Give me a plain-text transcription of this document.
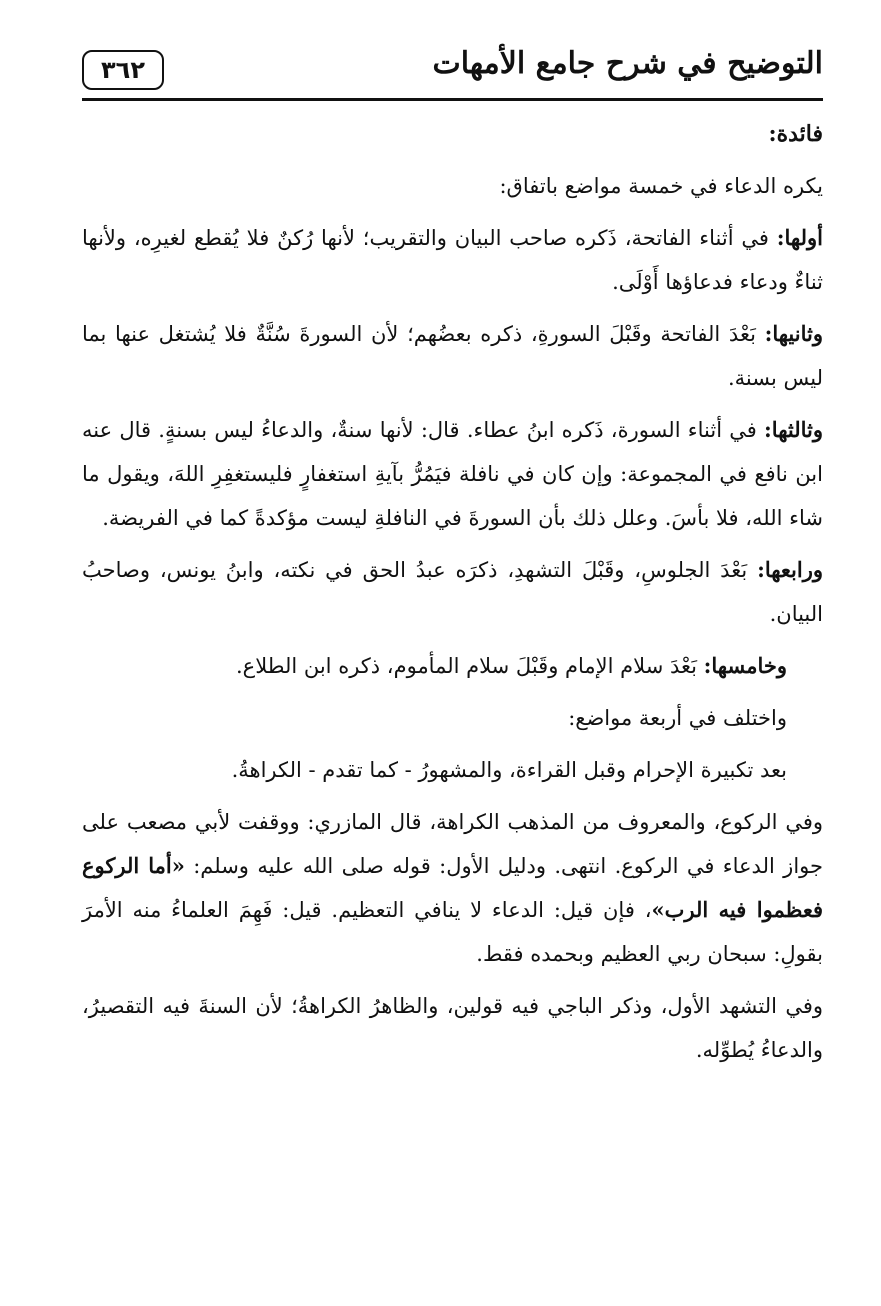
٣٦٢	التوضيح في شرح جامع الأمهات

فائدة:

يكره الدعاء في خمسة مواضع باتفاق:

أولها: في أثناء الفاتحة، ذَكره صاحب البيان والتقريب؛ لأنها رُكنٌ فلا يُقطع لغيرِه، ولأنها ثناءٌ ودعاء فدعاؤها أَوْلَى.

وثانيها: بَعْدَ الفاتحة وقَبْلَ السورةِ، ذكره بعضُهم؛ لأن السورةَ سُنَّةٌ فلا يُشتغل عنها بما ليس بسنة.

وثالثها: في أثناء السورة، ذَكره ابنُ عطاء. قال: لأنها سنةٌ، والدعاءُ ليس بسنةٍ. قال عنه ابن نافع في المجموعة: وإن كان في نافلة فيَمُرُّ بآيةِ استغفارٍ فليستغفِرِ اللهَ، ويقول ما شاء الله، فلا بأسَ. وعلل ذلك بأن السورةَ في النافلةِ ليست مؤكدةً كما في الفريضة.

ورابعها: بَعْدَ الجلوسِ، وقَبْلَ التشهدِ، ذكرَه عبدُ الحق في نكته، وابنُ يونس، وصاحبُ البيان.

وخامسها: بَعْدَ سلام الإمام وقَبْلَ سلام المأموم، ذكره ابن الطلاع.

واختلف في أربعة مواضع:

بعد تكبيرة الإحرام وقبل القراءة، والمشهورُ - كما تقدم - الكراهةُ.

وفي الركوع، والمعروف من المذهب الكراهة، قال المازري: ووقفت لأبي مصعب على جواز الدعاء في الركوع. انتهى. ودليل الأول: قوله صلى الله عليه وسلم: «أما الركوع فعظموا فيه الرب»، فإن قيل: الدعاء لا ينافي التعظيم. قيل: فَهِمَ العلماءُ منه الأمرَ بقولِ: سبحان ربي العظيم وبحمده فقط.

وفي التشهد الأول، وذكر الباجي فيه قولين، والظاهرُ الكراهةُ؛ لأن السنةَ فيه التقصيرُ، والدعاءُ يُطوِّله.
